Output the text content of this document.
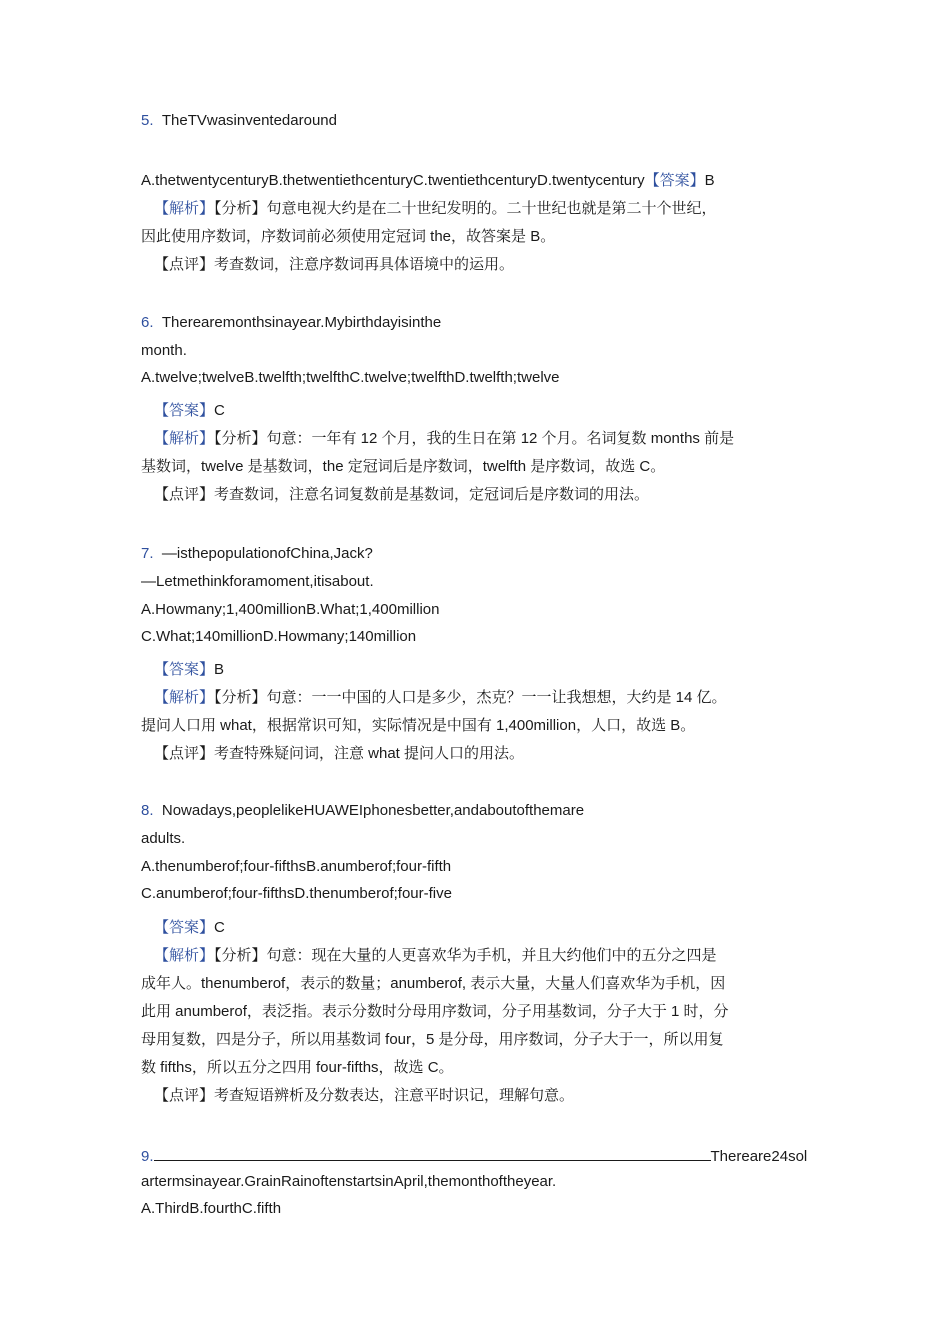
5. TheTVwasinventedaround
A.thetwentycenturyB.thetwentiethcenturyC.twentiethcenturyD.twentycentury【答案】B
【解析】【分析】句意电视大约是在二十世纪发明的。二十世纪也就是第二十个世纪，
因此使用序数词，序数词前必须使用定冠词 the，故答案是 B。
【点评】考查数词，注意序数词再具体语境中的运用。
6. Therearemonthsinayear.Mybirthdayisinthe
month.
A.twelve;twelveB.twelfth;twelfthC.twelve;twelfthD.twelfth;twelve
【答案】C
【解析】【分析】句意：一年有 12 个月，我的生日在第 12 个月。名词复数 months 前是
基数词，twelve 是基数词，the 定冠词后是序数词，twelfth 是序数词，故选 C。
【点评】考查数词，注意名词复数前是基数词，定冠词后是序数词的用法。
7. —isthepopulationofChina,Jack?
—Letmethinkforamoment,itisabout.
A.Howmany;1,400millionB.What;1,400million
C.What;140millionD.Howmany;140million
【答案】B
【解析】【分析】句意：一一中国的人口是多少，杰克？一一让我想想，大约是 14 亿。
提问人口用 what，根据常识可知，实际情况是中国有 1,400million，人口，故选 B。
【点评】考查特殊疑问词，注意 what 提问人口的用法。
8. Nowadays,peoplelikeHUAWEIphonesbetter,andaboutofthemare
adults.
A.thenumberof;four-fifthsB.anumberof;four-fifth
C.anumberof;four-fifthsD.thenumberof;four-five
【答案】C
【解析】【分析】句意：现在大量的人更喜欢华为手机，并且大约他们中的五分之四是
成年人。thenumberof，表示的数量；anumberof, 表示大量，大量人们喜欢华为手机，因
此用 anumberof，表泛指。表示分数时分母用序数词，分子用基数词，分子大于 1 时，分
母用复数，四是分子，所以用基数词 four，5 是分母，用序数词，分子大于一，所以用复
数 fifths，所以五分之四用 four-fifths，故选 C。
【点评】考查短语辨析及分数表达，注意平时识记，理解句意。
9.	Thereare24sol
artermsinayear.GrainRainoftenstartsinApril,themonthoftheyear.
A.ThirdB.fourthC.fifth
